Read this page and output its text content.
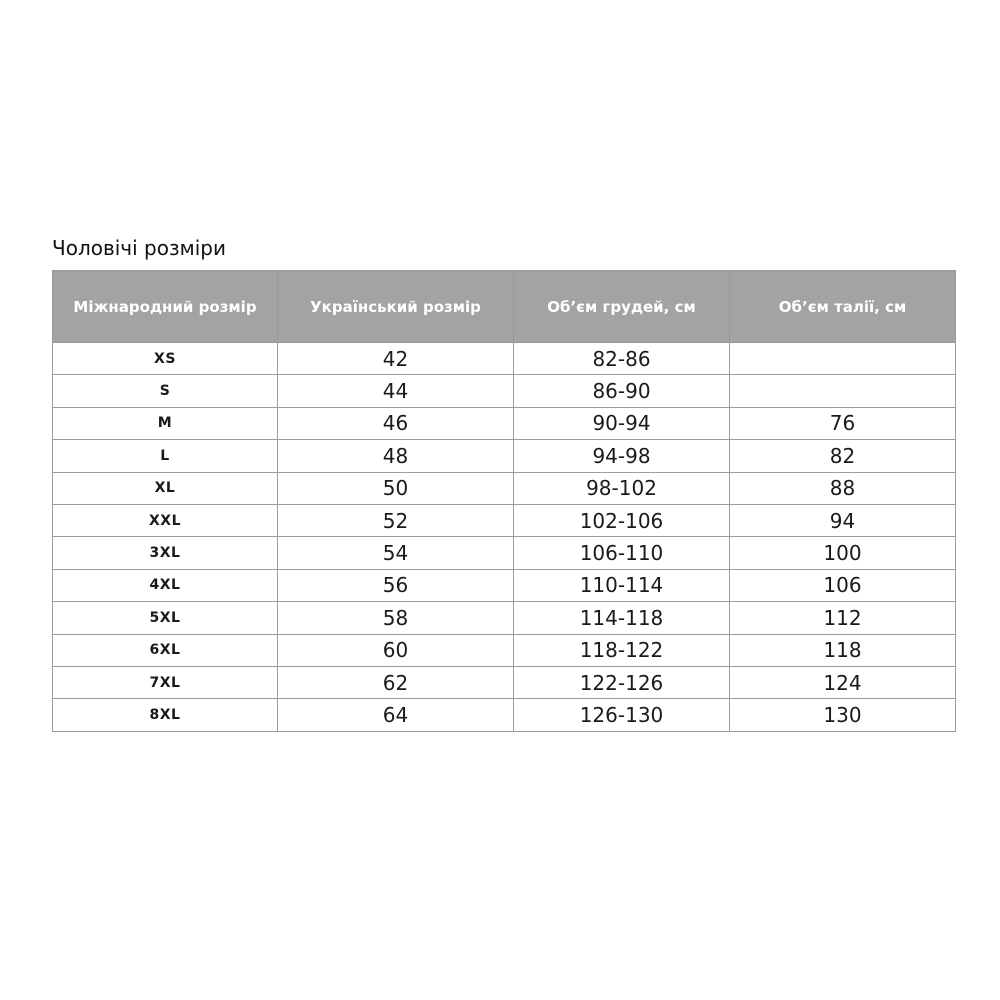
Чоловічі розміри
Міжнародний розмір	Український розмір	Об’єм грудей, см	Об’єм талії, см
XS	42	82-86	
S	44	86-90	
M	46	90-94	76
L	48	94-98	82
XL	50	98-102	88
XXL	52	102-106	94
3XL	54	106-110	100
4XL	56	110-114	106
5XL	58	114-118	112
6XL	60	118-122	118
7XL	62	122-126	124
8XL	64	126-130	130
